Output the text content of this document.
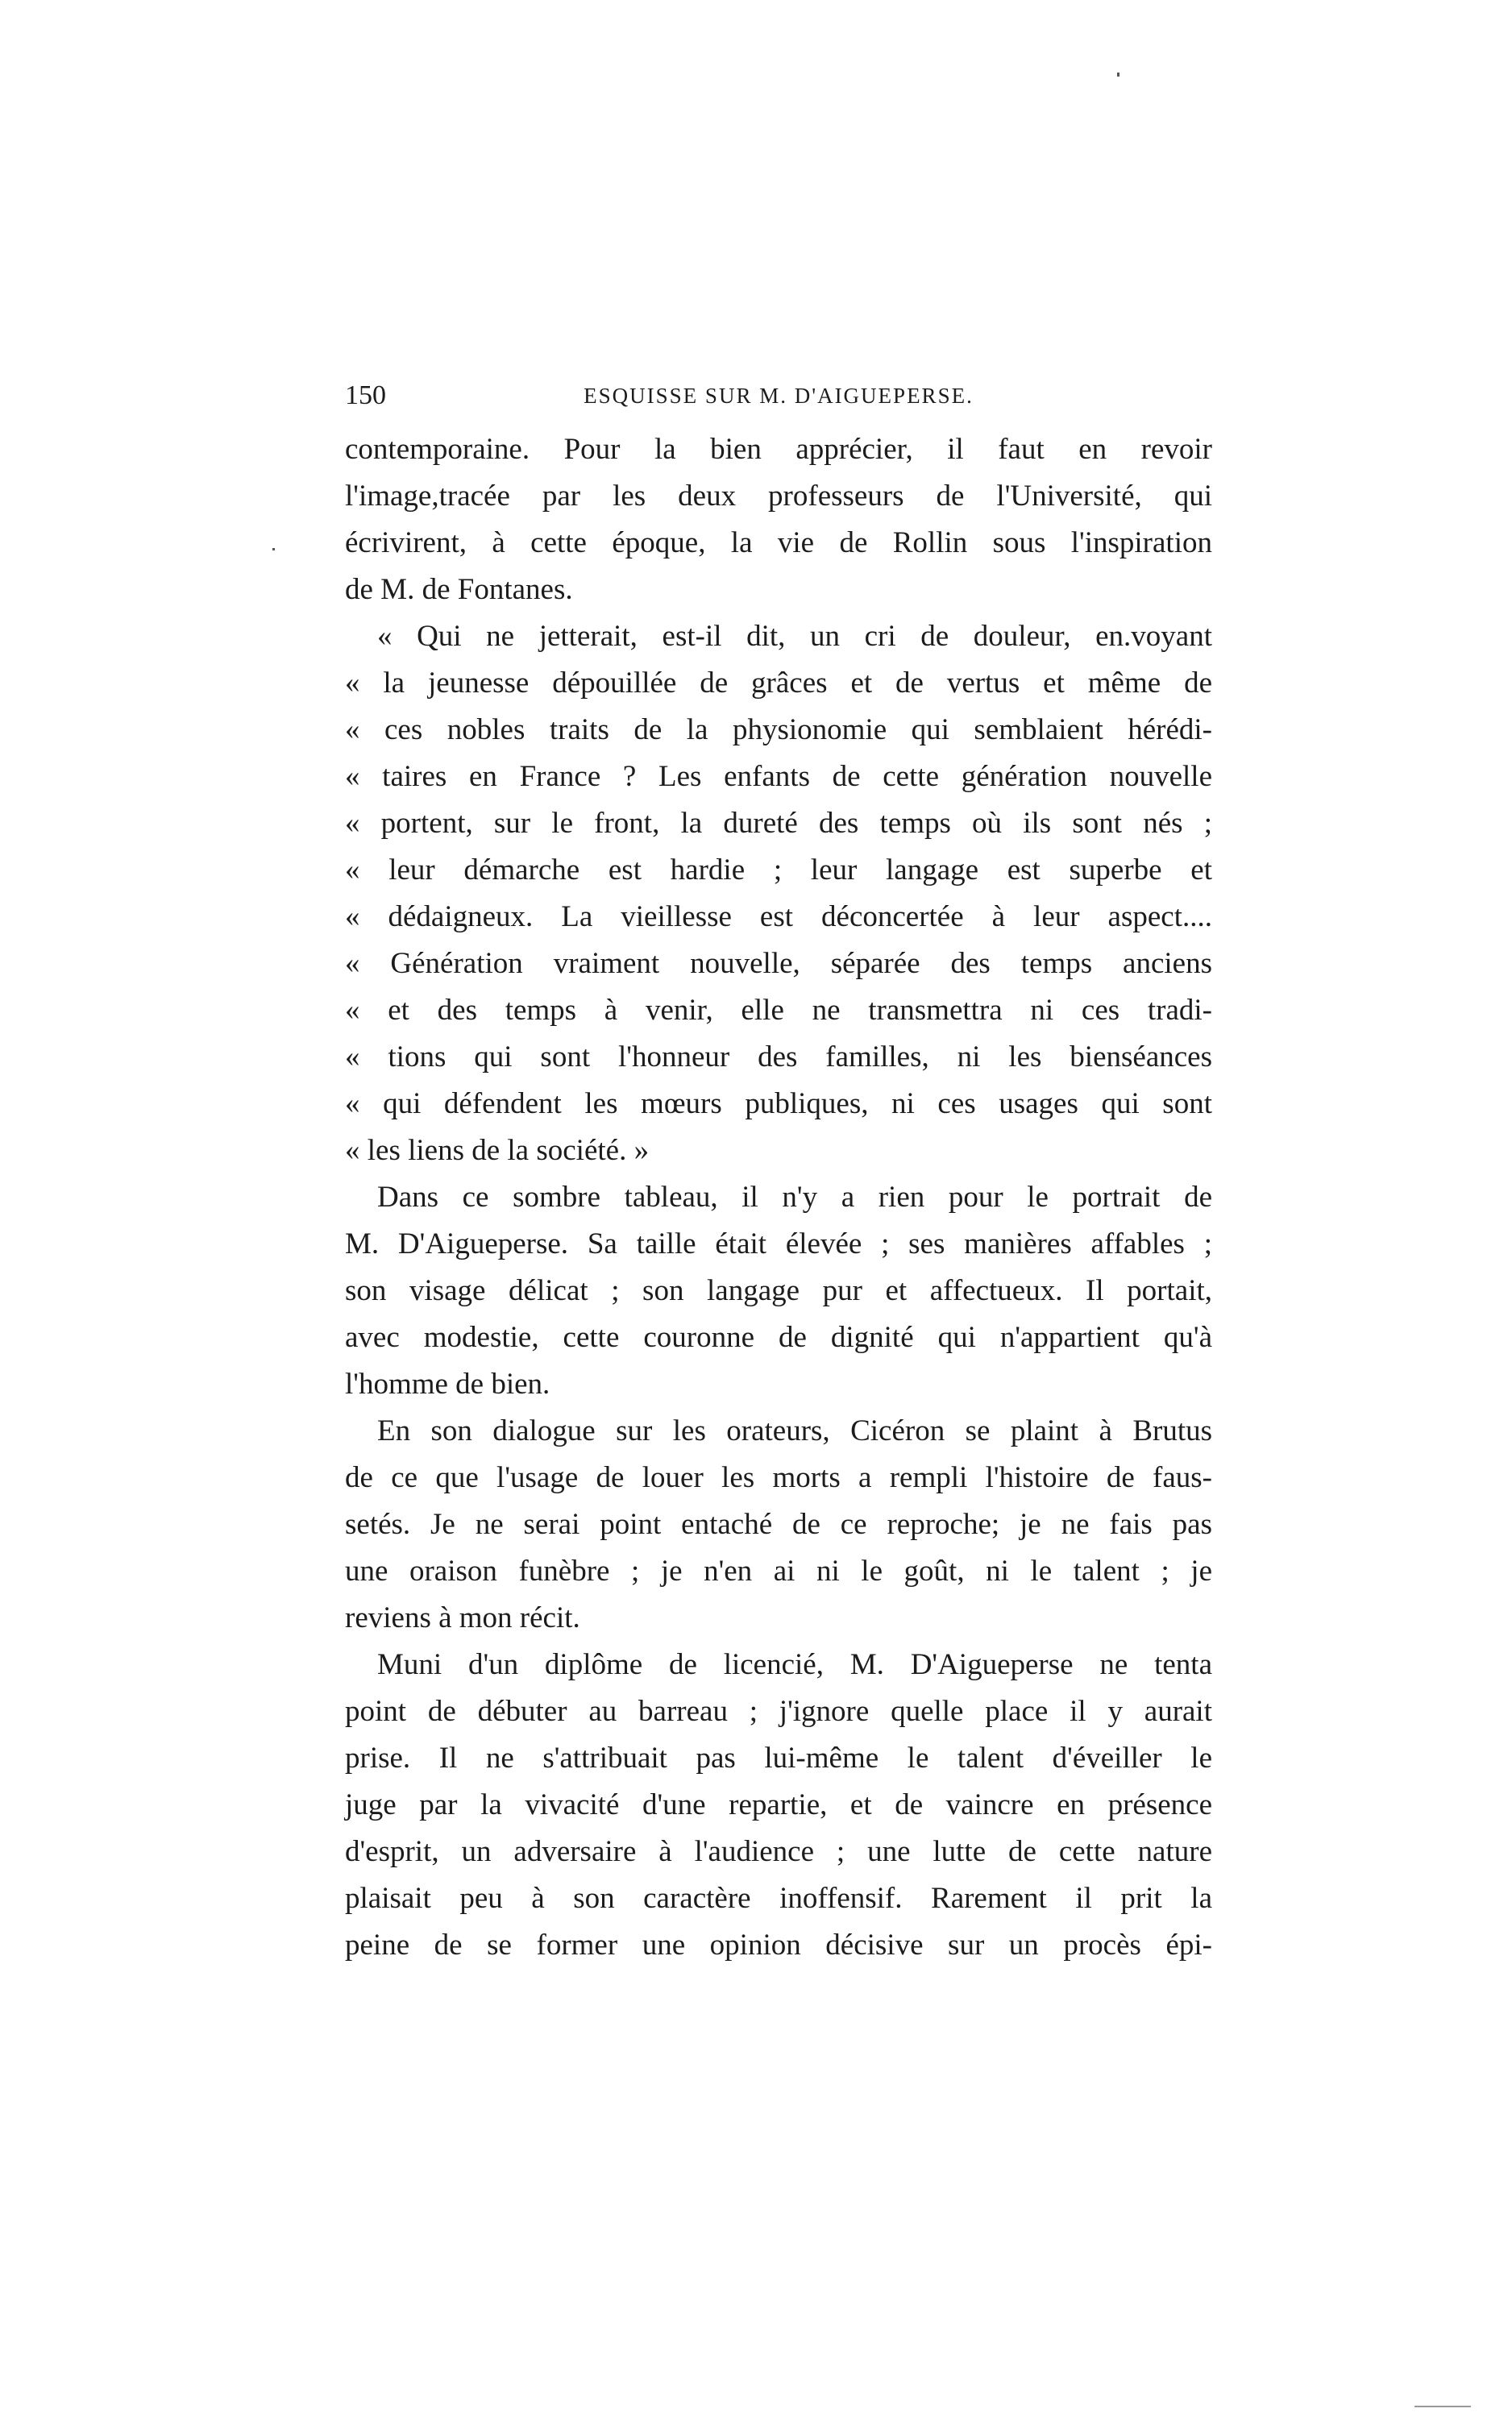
150	ESQUISSE SUR M. D'AIGUEPERSE.
contemporaine. Pour la bien apprécier, il faut en revoir
l'image,tracée par les deux professeurs de l'Université, qui
écrivirent, à cette époque, la vie de Rollin sous l'inspiration
de M. de Fontanes.
« Qui ne jetterait, est-il dit, un cri de douleur, en.voyant
« la jeunesse dépouillée de grâces et de vertus et même de
« ces nobles traits de la physionomie qui semblaient hérédi-
« taires en France ? Les enfants de cette génération nouvelle
« portent, sur le front, la dureté des temps où ils sont nés ;
« leur démarche est hardie ; leur langage est superbe et
« dédaigneux. La vieillesse est déconcertée à leur aspect....
« Génération vraiment nouvelle, séparée des temps anciens
« et des temps à venir, elle ne transmettra ni ces tradi-
« tions qui sont l'honneur des familles, ni les bienséances
« qui défendent les mœurs publiques, ni ces usages qui sont
« les liens de la société. »
Dans ce sombre tableau, il n'y a rien pour le portrait de
M. D'Aigueperse. Sa taille était élevée ; ses manières affables ;
son visage délicat ; son langage pur et affectueux. Il portait,
avec modestie, cette couronne de dignité qui n'appartient qu'à
l'homme de bien.
En son dialogue sur les orateurs, Cicéron se plaint à Brutus
de ce que l'usage de louer les morts a rempli l'histoire de faus-
setés. Je ne serai point entaché de ce reproche; je ne fais pas
une oraison funèbre ; je n'en ai ni le goût, ni le talent ; je
reviens à mon récit.
Muni d'un diplôme de licencié, M. D'Aigueperse ne tenta
point de débuter au barreau ; j'ignore quelle place il y aurait
prise. Il ne s'attribuait pas lui-même le talent d'éveiller le
juge par la vivacité d'une repartie, et de vaincre en présence
d'esprit, un adversaire à l'audience ; une lutte de cette nature
plaisait peu à son caractère inoffensif. Rarement il prit la
peine de se former une opinion décisive sur un procès épi-
